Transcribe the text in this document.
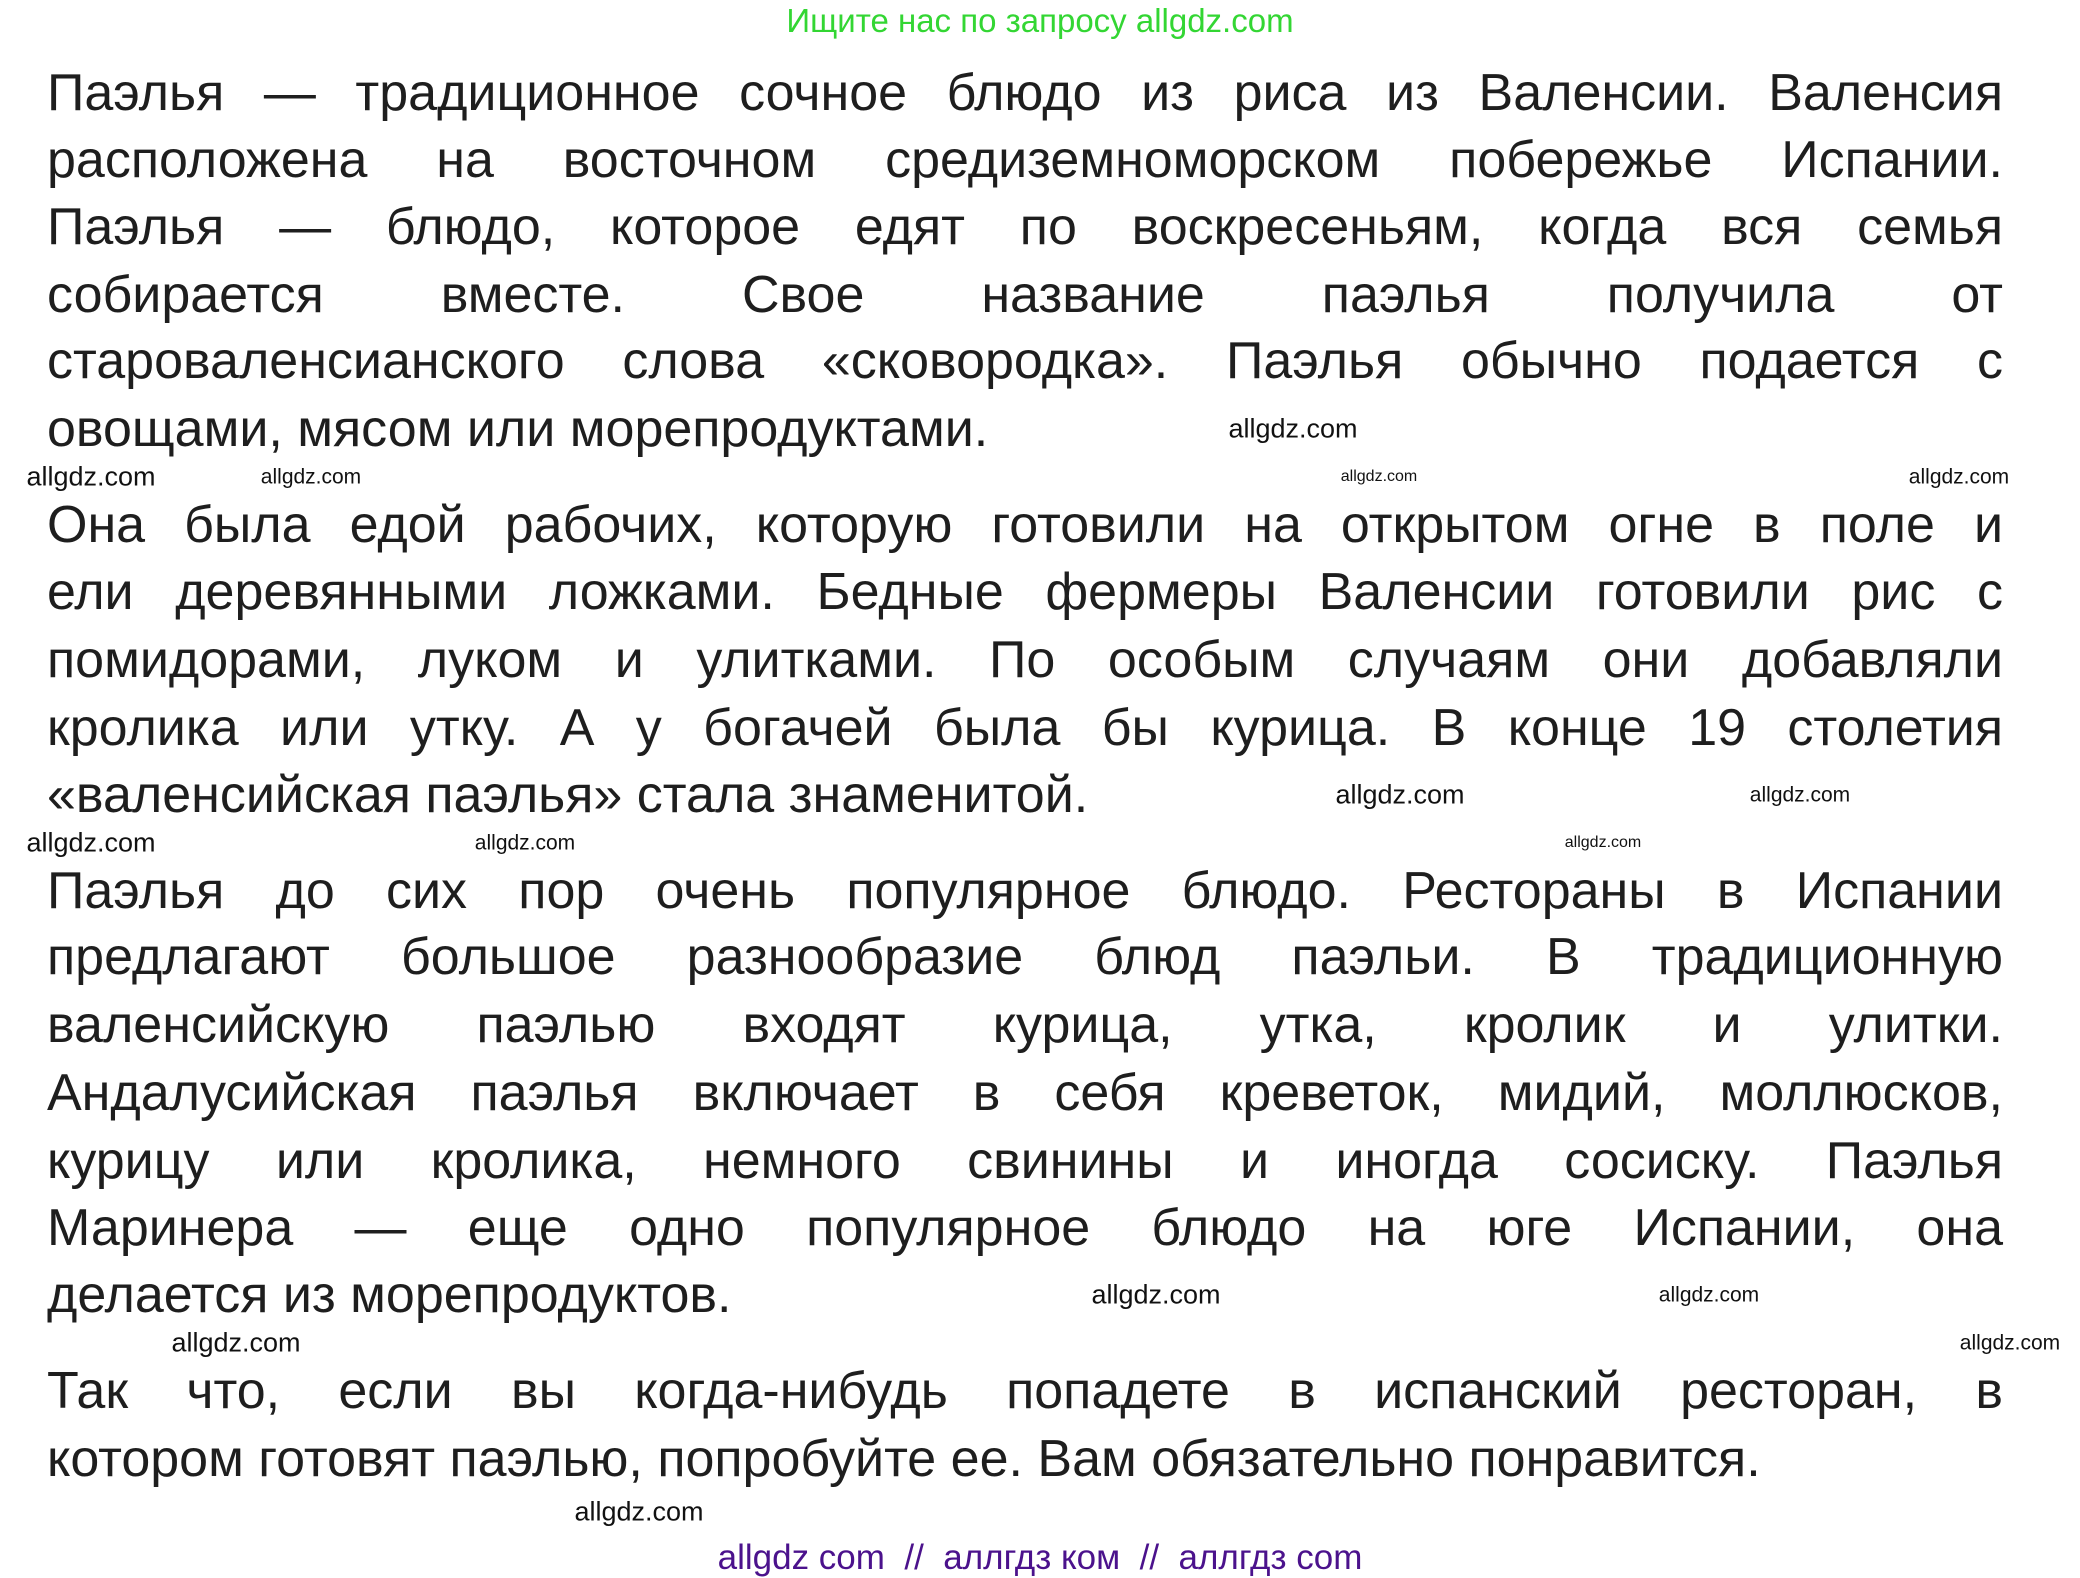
Ищите нас по запросу allgdz.com
Паэлья — традиционное сочное блюдо из риса из Валенсии. Валенсия
расположена на восточном средиземноморском побережье Испании.
Паэлья — блюдо, которое едят по воскресеньям, когда вся семья
собирается вместе. Свое название паэлья получила от
староваленсианского слова «сковородка». Паэлья обычно подается с
овощами, мясом или морепродуктами.
Она была едой рабочих, которую готовили на открытом огне в поле и
ели деревянными ложками. Бедные фермеры Валенсии готовили рис с
помидорами, луком и улитками. По особым случаям они добавляли
кролика или утку. А у богачей была бы курица. В конце 19 столетия
«валенсийская паэлья» стала знаменитой.
Паэлья до сих пор очень популярное блюдо. Рестораны в Испании
предлагают большое разнообразие блюд паэльи. В традиционную
валенсийскую паэлью входят курица, утка, кролик и улитки.
Андалусийская паэлья включает в себя креветок, мидий, моллюсков,
курицу или кролика, немного свинины и иногда сосиску. Паэлья
Маринера — еще одно популярное блюдо на юге Испании, она
делается из морепродуктов.
Так что, если вы когда-нибудь попадете в испанский ресторан, в
котором готовят паэлью, попробуйте ее. Вам обязательно понравится.
allgdz.com
allgdz.com	allgdz.com	allgdz.com	allgdz.com
allgdz.com	allgdz.com
allgdz.com	allgdz.com	allgdz.com
allgdz.com	allgdz.com
allgdz.com	allgdz.com
allgdz.com
allgdz com  //  аллгдз ком  //  аллгдз com
